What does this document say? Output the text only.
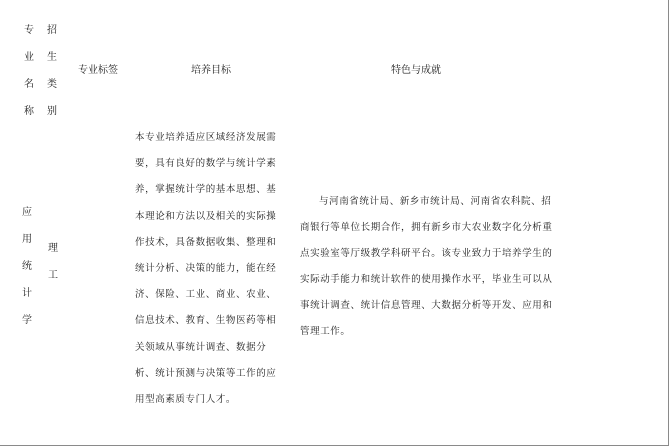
专业名称
招生类别
专业标签	培养目标	特色与成就
应用统计学
理工
本专业培养适应区域经济发展需要，具有良好的数学与统计学素养，掌握统计学的基本思想、基本理论和方法以及相关的实际操作技术，具备数据收集、整理和统计分析、决策的能力，能在经济、保险、工业、商业、农业、信息技术、教育、生物医药等相关领域从事统计调查、数据分析、统计预测与决策等工作的应用型高素质专门人才。
与河南省统计局、新乡市统计局、河南省农科院、招商银行等单位长期合作，拥有新乡市大农业数字化分析重点实验室等厅级教学科研平台。该专业致力于培养学生的实际动手能力和统计软件的使用操作水平，毕业生可以从事统计调查、统计信息管理、大数据分析等开发、应用和管理工作。
